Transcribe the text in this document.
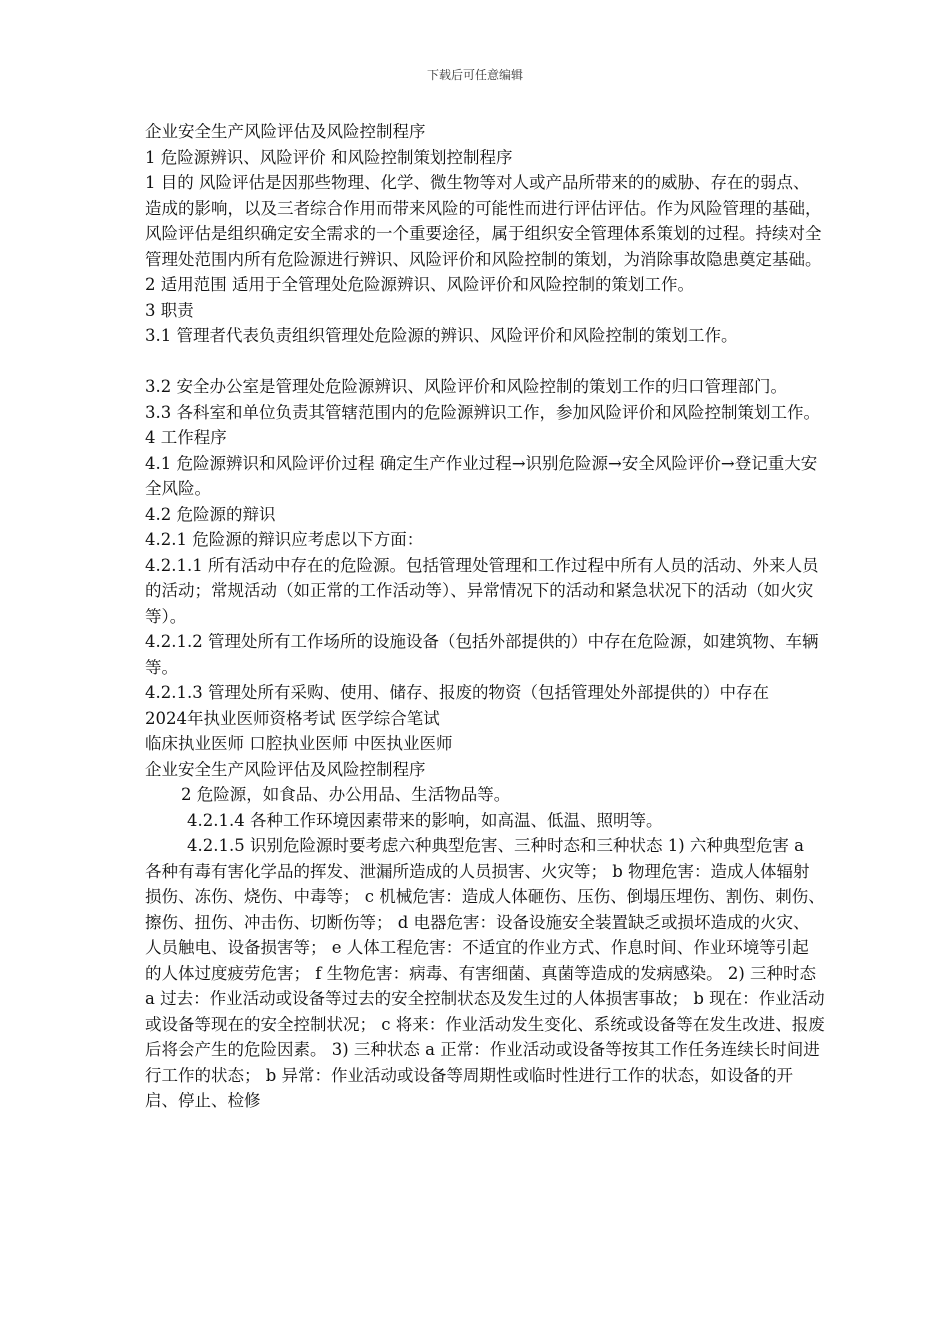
下载后可任意编辑

企业安全生产风险评估及风险控制程序

1 危险源辨识、风险评价 和风险控制策划控制程序

1 目的 风险评估是因那些物理、化学、微生物等对人或产品所带来的的威胁、存在的弱点、造成的影响，以及三者综合作用而带来风险的可能性而进行评估评估。作为风险管理的基础，风险评估是组织确定安全需求的一个重要途径，属于组织安全管理体系策划的过程。持续对全管理处范围内所有危险源进行辨识、风险评价和风险控制的策划，为消除事故隐患奠定基础。

2 适用范围 适用于全管理处危险源辨识、风险评价和风险控制的策划工作。

3 职责

3.1 管理者代表负责组织管理处危险源的辨识、风险评价和风险控制的策划工作。

3.2 安全办公室是管理处危险源辨识、风险评价和风险控制的策划工作的归口管理部门。

3.3 各科室和单位负责其管辖范围内的危险源辨识工作，参加风险评价和风险控制策划工作。

4 工作程序

4.1 危险源辨识和风险评价过程 确定生产作业过程→识别危险源→安全风险评价→登记重大安全风险。

4.2 危险源的辩识

4.2.1 危险源的辩识应考虑以下方面：

4.2.1.1 所有活动中存在的危险源。包括管理处管理和工作过程中所有人员的活动、外来人员的活动；常规活动（如正常的工作活动等）、异常情况下的活动和紧急状况下的活动（如火灾等）。

4.2.1.2 管理处所有工作场所的设施设备（包括外部提供的）中存在危险源，如建筑物、车辆等。

4.2.1.3 管理处所有采购、使用、储存、报废的物资（包括管理处外部提供的）中存在

2024年执业医师资格考试 医学综合笔试

临床执业医师 口腔执业医师 中医执业医师

企业安全生产风险评估及风险控制程序

2 危险源，如食品、办公用品、生活物品等。

4.2.1.4 各种工作环境因素带来的影响，如高温、低温、照明等。

4.2.1.5 识别危险源时要考虑六种典型危害、三种时态和三种状态 1) 六种典型危害 a 各种有毒有害化学品的挥发、泄漏所造成的人员损害、火灾等； b 物理危害：造成人体辐射损伤、冻伤、烧伤、中毒等； c 机械危害：造成人体砸伤、压伤、倒塌压埋伤、割伤、刺伤、擦伤、扭伤、冲击伤、切断伤等； d 电器危害：设备设施安全装置缺乏或损坏造成的火灾、人员触电、设备损害等； e 人体工程危害：不适宜的作业方式、作息时间、作业环境等引起的人体过度疲劳危害； f 生物危害：病毒、有害细菌、真菌等造成的发病感染。 2) 三种时态 a 过去：作业活动或设备等过去的安全控制状态及发生过的人体损害事故； b 现在：作业活动或设备等现在的安全控制状况； c 将来：作业活动发生变化、系统或设备等在发生改进、报废后将会产生的危险因素。 3) 三种状态 a 正常：作业活动或设备等按其工作任务连续长时间进行工作的状态； b 异常：作业活动或设备等周期性或临时性进行工作的状态，如设备的开启、停止、检修
